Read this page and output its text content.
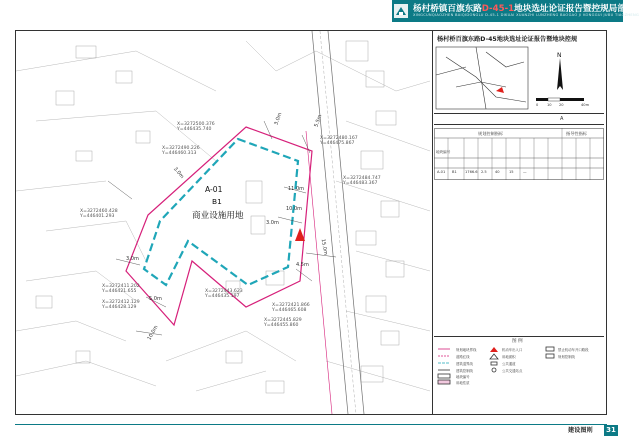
杨村桥镇百旗东路D-45-1地块选址论证报告暨控规局部调整
XINGCUNQIAOZHEN BAIQIDONGLU D-45-1 DIKUAI XUANZHI LUNZHENG BAOGAO JI KONGGUI JUBU TIAOZHENG
A-01
B1
商业设施用地
X=3272500.376
Y=446435.740
X=3272490.226
Y=446460.313
X=3272480.167
Y=446475.867
X=3272484.747
Y=446483.367
X=3272460.428
Y=446401.293
X=3272411.202
Y=446421.655
X=3272412.129
Y=446428.129
X=3272443.623
Y=446435.197
X=3272421.866
Y=446465.608
X=3272445.829
Y=446455.860
3.0m
3.0m
3.0m
3.0m
5.5m
11.0m
10.0m
15.0m
4.5m
5.0m
10.0m
杨村桥百旗东路D-45地块选址论证报告暨地块控规
N
0 10 20	40m
A
规划控制指标	指导性指标
地块编号
A-01 B1 1766.6 2.5 40	15	—
图 例
规划地块界线
道路红线
建筑退界线
建筑控制线
地块编号
用地性质
机动车出入口
用地面积
公共通道
公共交通站点
禁止机动车开口路段
规划控制线
建设图则	31
